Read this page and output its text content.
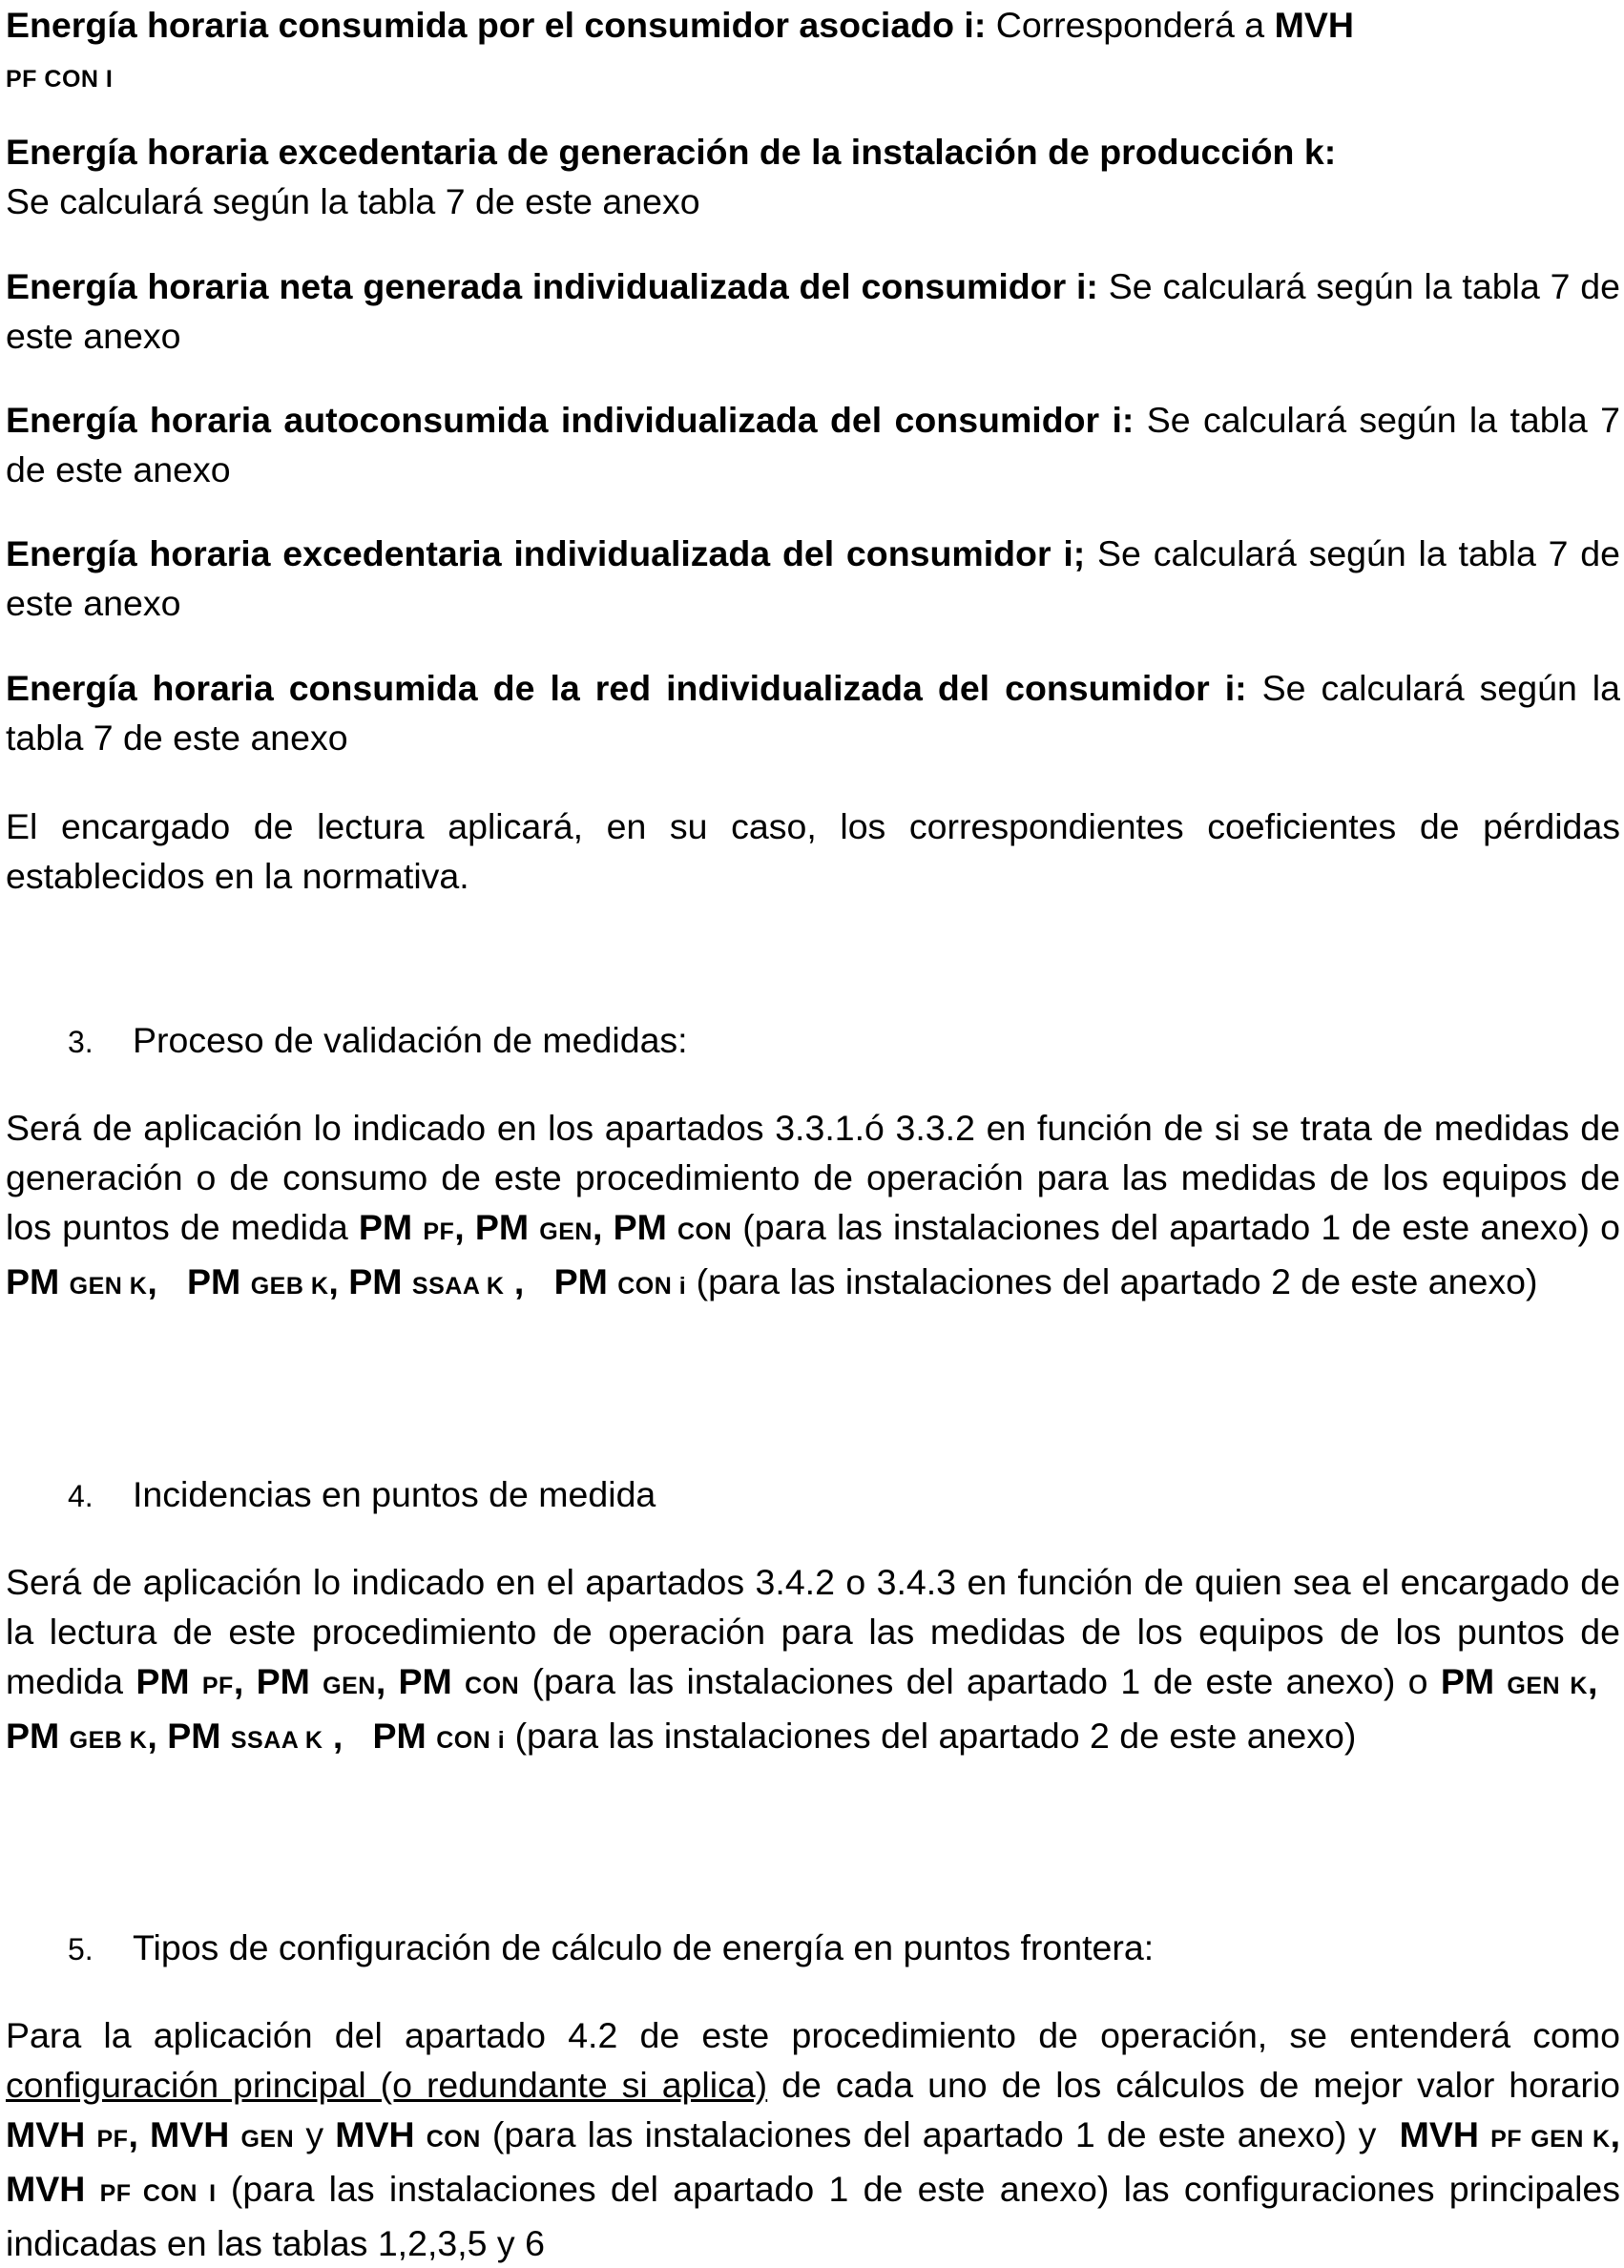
Energía horaria consumida por el consumidor asociado i: Corresponderá a MVH
PF CON I

Energía horaria excedentaria de generación de la instalación de producción k:
Se calculará según la tabla 7 de este anexo

Energía horaria neta generada individualizada del consumidor i: Se calculará según la tabla 7 de este anexo

Energía horaria autoconsumida individualizada del consumidor i: Se calculará según la tabla 7 de este anexo

Energía horaria excedentaria individualizada del consumidor i; Se calculará según la tabla 7 de este anexo

Energía horaria consumida de la red individualizada del consumidor i: Se calculará según la tabla 7 de este anexo

El encargado de lectura aplicará, en su caso, los correspondientes coeficientes de pérdidas establecidos en la normativa.

3. Proceso de validación de medidas:

Será de aplicación lo indicado en los apartados 3.3.1.ó 3.3.2 en función de si se trata de medidas de generación o de consumo de este procedimiento de operación para las medidas de los equipos de los puntos de medida PM PF, PM GEN, PM CON (para las instalaciones del apartado 1 de este anexo) o PM GEN K, PM GEB K, PM SSAA K , PM CON i (para las instalaciones del apartado 2 de este anexo)

4. Incidencias en puntos de medida

Será de aplicación lo indicado en el apartados 3.4.2 o 3.4.3 en función de quien sea el encargado de la lectura de este procedimiento de operación para las medidas de los equipos de los puntos de medida PM PF, PM GEN, PM CON (para las instalaciones del apartado 1 de este anexo) o PM GEN K,   PM GEB K, PM SSAA K , PM CON i (para las instalaciones del apartado 2 de este anexo)

5. Tipos de configuración de cálculo de energía en puntos frontera:

Para la aplicación del apartado 4.2 de este procedimiento de operación, se entenderá como configuración principal (o redundante si aplica) de cada uno de los cálculos de mejor valor horario MVH PF, MVH GEN y MVH CON (para las instalaciones del apartado 1 de este anexo) y MVH PF GEN K, MVH PF CON I (para las instalaciones del apartado 1 de este anexo) las configuraciones principales indicadas en las tablas 1,2,3,5 y 6
